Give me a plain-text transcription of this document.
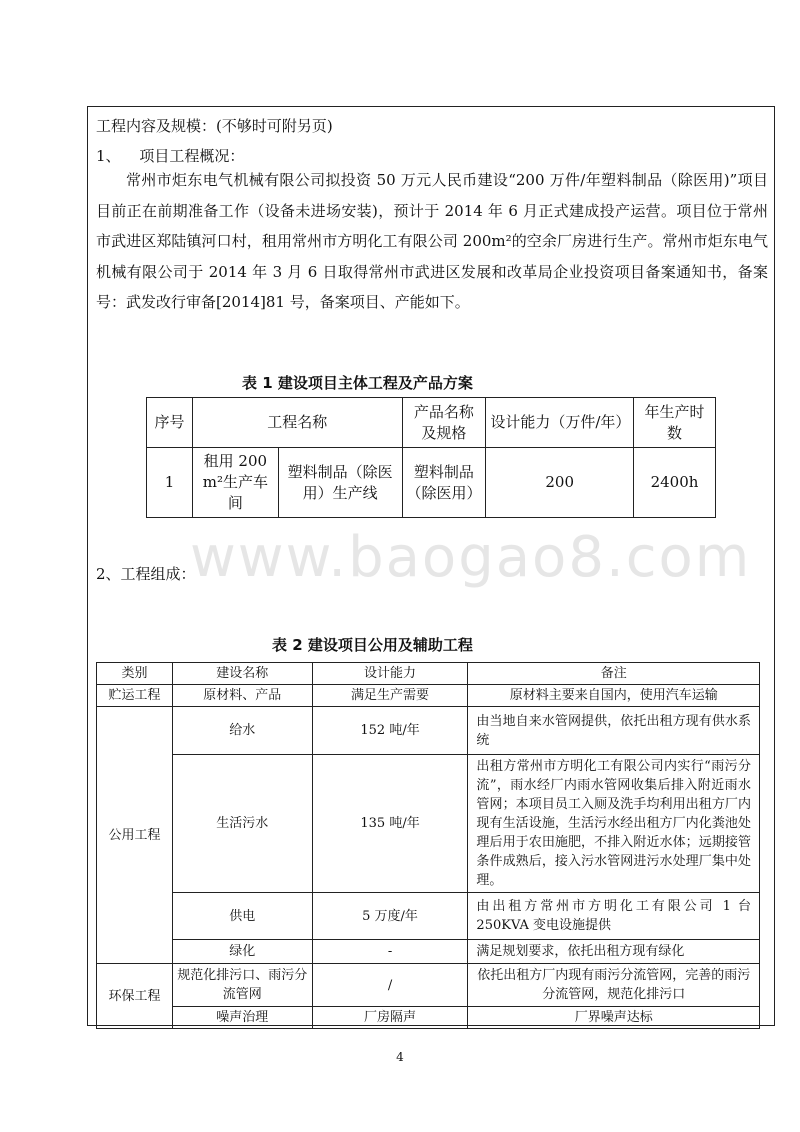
工程内容及规模：(不够时可附另页)
1、 项目工程概况：
常州市炬东电气机械有限公司拟投资 50 万元人民币建设“200 万件/年塑料制品（除医用)”项目目前正在前期准备工作（设备未进场安装)，预计于 2014 年 6 月正式建成投产运营。项目位于常州市武进区郑陆镇河口村，租用常州市方明化工有限公司 200m²的空余厂房进行生产。常州市炬东电气机械有限公司于 2014 年 3 月 6 日取得常州市武进区发展和改革局企业投资项目备案通知书，备案号：武发改行审备[2014]81 号，备案项目、产能如下。
表 1 建设项目主体工程及产品方案
序号	工程名称		产品名称及规格	设计能力（万件/年）	年生产时数
1	租用 200 m²生产车间	塑料制品（除医用）生产线	塑料制品（除医用）	200	2400h
www.baogao8.com
2、工程组成：
表 2 建设项目公用及辅助工程
类别	建设名称	设计能力	备注
贮运工程	原材料、产品	满足生产需要	原材料主要来自国内，使用汽车运输
公用工程	给水	152 吨/年	由当地自来水管网提供，依托出租方现有供水系统
	生活污水	135 吨/年	出租方常州市方明化工有限公司内实行“雨污分流”，雨水经厂内雨水管网收集后排入附近雨水管网；本项目员工入厕及洗手均利用出租方厂内现有生活设施，生活污水经出租方厂内化粪池处理后用于农田施肥，不排入附近水体；远期接管条件成熟后，接入污水管网进污水处理厂集中处理。
	供电	5 万度/年	由出租方常州市方明化工有限公司 1 台 250KVA 变电设施提供
	绿化	-	满足规划要求，依托出租方现有绿化
环保工程	规范化排污口、雨污分流管网	/	依托出租方厂内现有雨污分流管网，完善的雨污分流管网，规范化排污口
	噪声治理	厂房隔声	厂界噪声达标
4
